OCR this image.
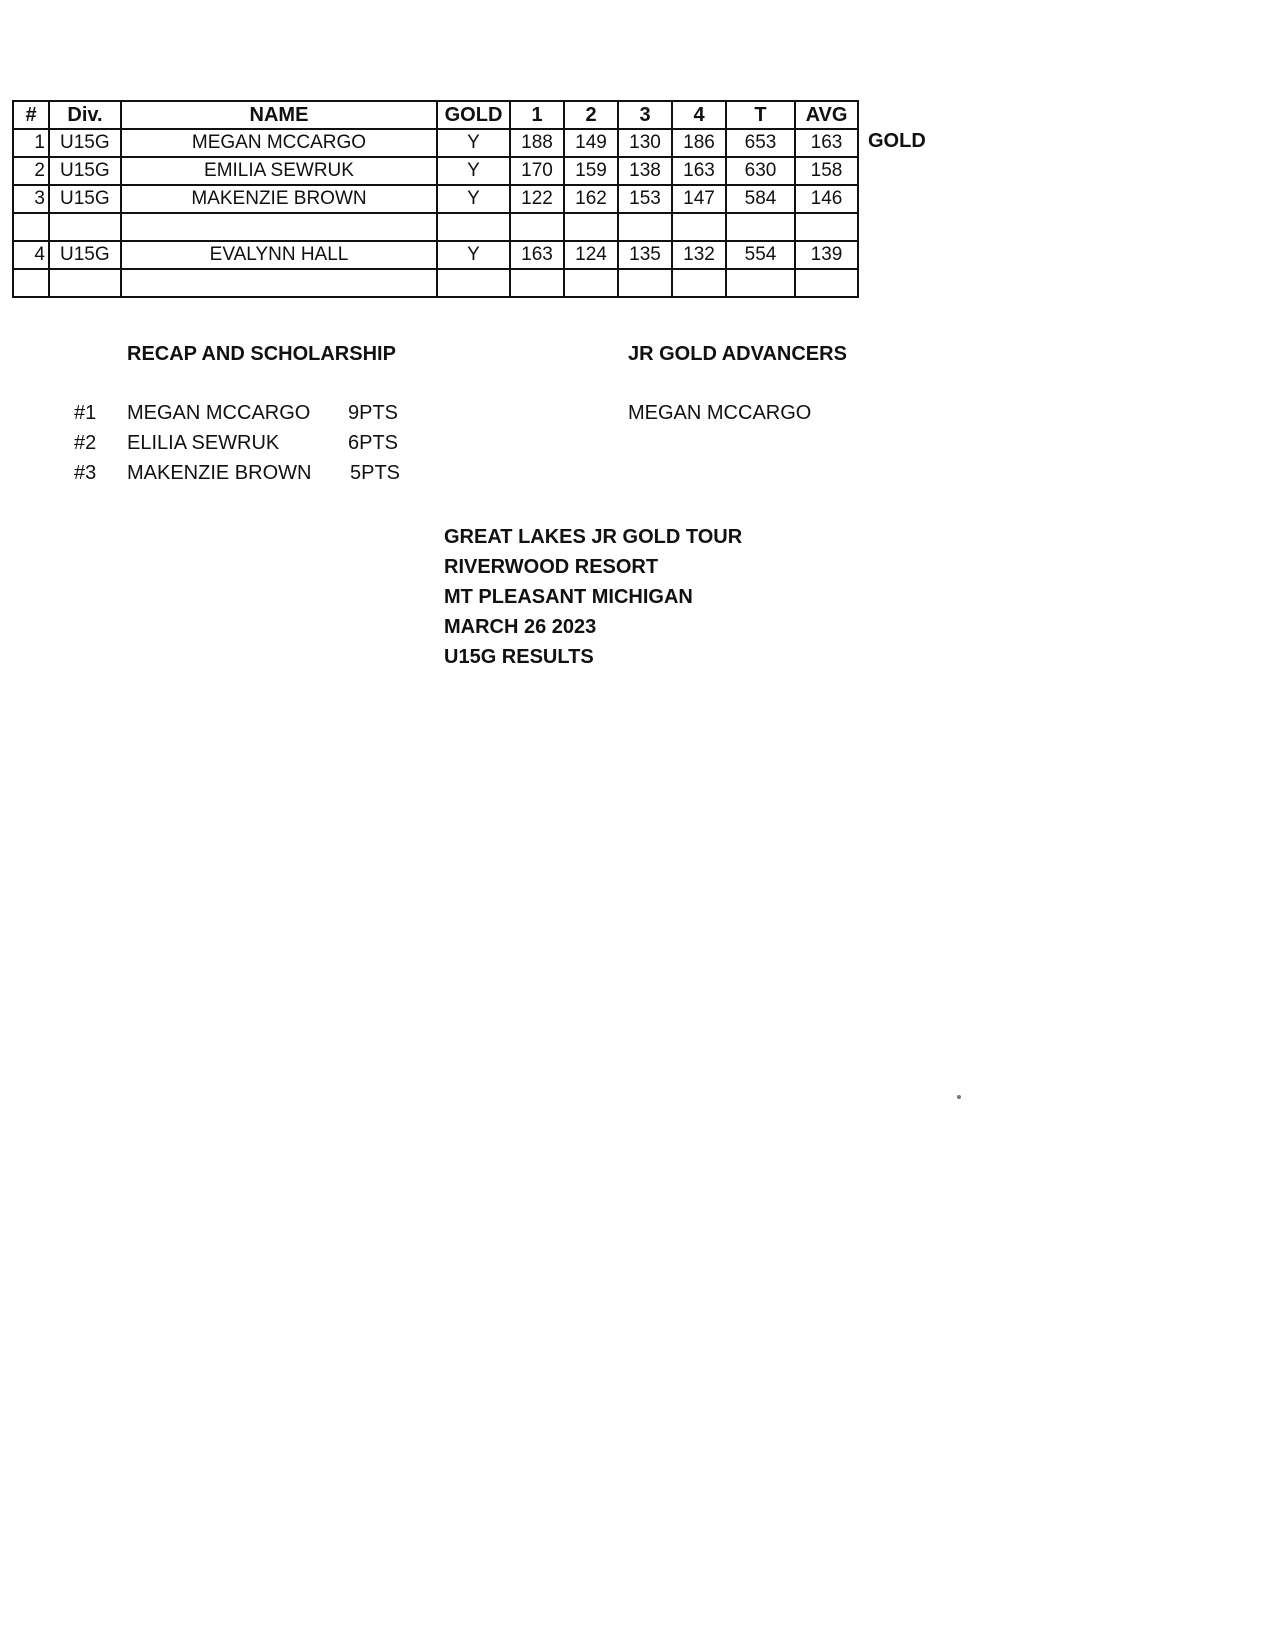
#	Div.	NAME	GOLD	1	2	3	4	T	AVG
1	U15G	MEGAN MCCARGO	Y	188	149	130	186	653	163
2	U15G	EMILIA SEWRUK	Y	170	159	138	163	630	158
3	U15G	MAKENZIE BROWN	Y	122	162	153	147	584	146

4	U15G	EVALYNN HALL	Y	163	124	135	132	554	139

GOLD
RECAP AND SCHOLARSHIP	JR GOLD ADVANCERS
#1 MEGAN MCCARGO 9PTS
#2 ELILIA SEWRUK	6PTS
#3 MAKENZIE BROWN 5PTS
MEGAN MCCARGO
GREAT LAKES JR GOLD TOUR
RIVERWOOD RESORT
MT PLEASANT MICHIGAN
MARCH 26 2023
U15G RESULTS
